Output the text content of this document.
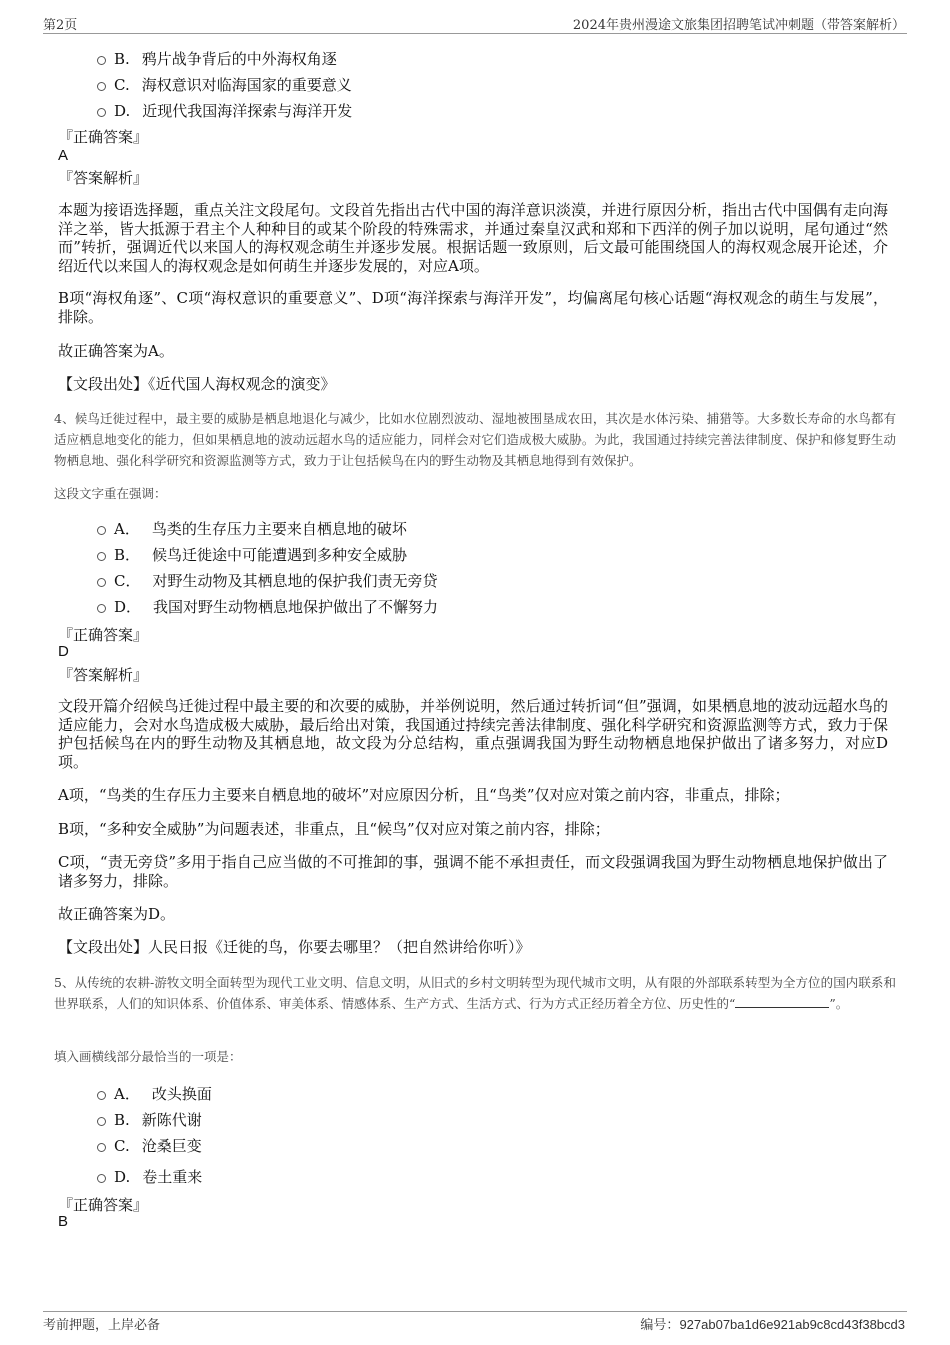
第2页	2024年贵州漫途文旅集团招聘笔试冲刺题（带答案解析）
B. 鸦片战争背后的中外海权角逐
C. 海权意识对临海国家的重要意义
D. 近现代我国海洋探索与海洋开发
『正确答案』
A
『答案解析』
本题为接语选择题，重点关注文段尾句。文段首先指出古代中国的海洋意识淡漠，并进行原因分析，指出古代中国偶有走向海洋之举，皆大抵源于君主个人种种目的或某个阶段的特殊需求，并通过秦皇汉武和郑和下西洋的例子加以说明，尾句通过“然而”转折，强调近代以来国人的海权观念萌生并逐步发展。根据话题一致原则，后文最可能围绕国人的海权观念展开论述，介绍近代以来国人的海权观念是如何萌生并逐步发展的，对应A项。
B项“海权角逐”、C项“海权意识的重要意义”、D项“海洋探索与海洋开发”，均偏离尾句核心话题“海权观念的萌生与发展”，排除。
故正确答案为A。
【文段出处】《近代国人海权观念的演变》
4、候鸟迁徙过程中，最主要的威胁是栖息地退化与减少，比如水位剧烈波动、湿地被围垦成农田，其次是水体污染、捕猎等。大多数长寿命的水鸟都有适应栖息地变化的能力，但如果栖息地的波动远超水鸟的适应能力，同样会对它们造成极大威胁。为此，我国通过持续完善法律制度、保护和修复野生动物栖息地、强化科学研究和资源监测等方式，致力于让包括候鸟在内的野生动物及其栖息地得到有效保护。
这段文字重在强调：
A． 鸟类的生存压力主要来自栖息地的破坏
B． 候鸟迁徙途中可能遭遇到多种安全威胁
C． 对野生动物及其栖息地的保护我们责无旁贷
D． 我国对野生动物栖息地保护做出了不懈努力
『正确答案』
D
『答案解析』
文段开篇介绍候鸟迁徙过程中最主要的和次要的威胁，并举例说明，然后通过转折词“但”强调，如果栖息地的波动远超水鸟的适应能力，会对水鸟造成极大威胁，最后给出对策，我国通过持续完善法律制度、强化科学研究和资源监测等方式，致力于保护包括候鸟在内的野生动物及其栖息地，故文段为分总结构，重点强调我国为野生动物栖息地保护做出了诸多努力，对应D项。
A项，“鸟类的生存压力主要来自栖息地的破坏”对应原因分析，且“鸟类”仅对应对策之前内容，非重点，排除；
B项，“多种安全威胁”为问题表述，非重点，且“候鸟”仅对应对策之前内容，排除；
C项，“责无旁贷”多用于指自己应当做的不可推卸的事，强调不能不承担责任，而文段强调我国为野生动物栖息地保护做出了诸多努力，排除。
故正确答案为D。
【文段出处】人民日报《迁徙的鸟，你要去哪里？（把自然讲给你听）》
5、从传统的农耕-游牧文明全面转型为现代工业文明、信息文明，从旧式的乡村文明转型为现代城市文明，从有限的外部联系转型为全方位的国内联系和世界联系，人们的知识体系、价值体系、审美体系、情感体系、生产方式、生活方式、行为方式正经历着全方位、历史性的“	”。
填入画横线部分最恰当的一项是：
A． 改头换面
B. 新陈代谢
C. 沧桑巨变
D. 卷土重来
『正确答案』
B
考前押题，上岸必备	编号：927ab07ba1d6e921ab9c8cd43f38bcd3
